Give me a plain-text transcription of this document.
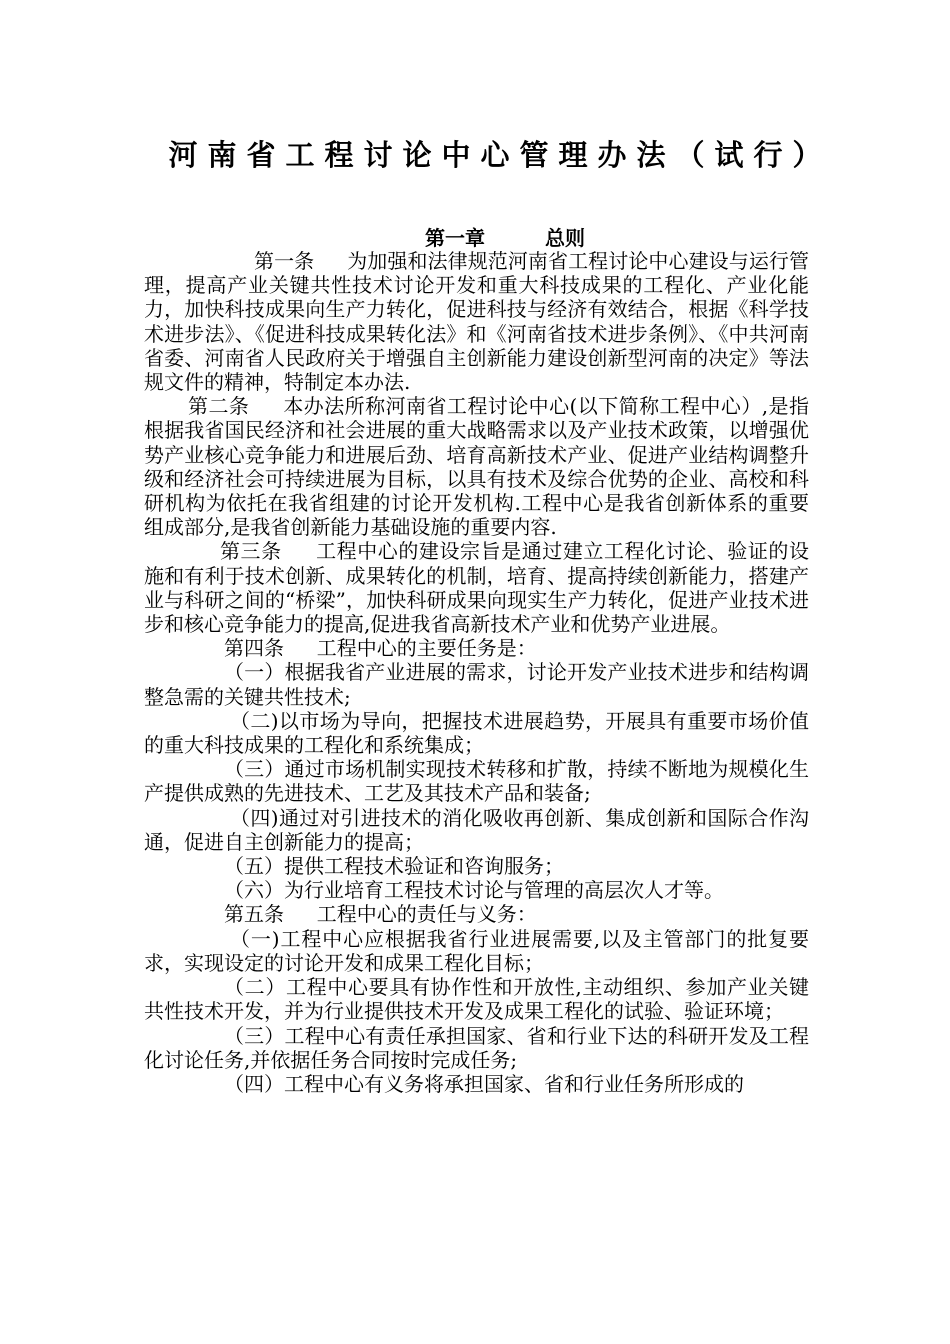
河南省工程讨论中心管理办法（试行）
第一章　　　总则

第一条　  为加强和法律规范河南省工程讨论中心建设与运行管理，提高产业关键共性技术讨论开发和重大科技成果的工程化、产业化能力，加快科技成果向生产力转化，促进科技与经济有效结合，根据《科学技术进步法》、《促进科技成果转化法》和《河南省技术进步条例》、《中共河南省委、河南省人民政府关于增强自主创新能力建设创新型河南的决定》等法规文件的精神，特制定本办法.

第二条　  本办法所称河南省工程讨论中心(以下简称工程中心）,是指根据我省国民经济和社会进展的重大战略需求以及产业技术政策，以增强优势产业核心竞争能力和进展后劲、培育高新技术产业、促进产业结构调整升级和经济社会可持续进展为目标，以具有技术及综合优势的企业、高校和科研机构为依托在我省组建的讨论开发机构.工程中心是我省创新体系的重要组成部分,是我省创新能力基础设施的重要内容.

第三条　  工程中心的建设宗旨是通过建立工程化讨论、验证的设施和有利于技术创新、成果转化的机制，培育、提高持续创新能力，搭建产业与科研之间的“桥梁”，加快科研成果向现实生产力转化，促进产业技术进步和核心竞争能力的提高,促进我省高新技术产业和优势产业进展。

第四条　  工程中心的主要任务是：

（一）根据我省产业进展的需求，讨论开发产业技术进步和结构调整急需的关键共性技术;

（二)以市场为导向，把握技术进展趋势，开展具有重要市场价值的重大科技成果的工程化和系统集成；

（三）通过市场机制实现技术转移和扩散，持续不断地为规模化生产提供成熟的先进技术、工艺及其技术产品和装备;

（四)通过对引进技术的消化吸收再创新、集成创新和国际合作沟通，促进自主创新能力的提高；

（五）提供工程技术验证和咨询服务；

（六）为行业培育工程技术讨论与管理的高层次人才等。

第五条　  工程中心的责任与义务：

（一)工程中心应根据我省行业进展需要,以及主管部门的批复要求，实现设定的讨论开发和成果工程化目标；

（二）工程中心要具有协作性和开放性,主动组织、参加产业关键共性技术开发，并为行业提供技术开发及成果工程化的试验、验证环境；

（三）工程中心有责任承担国家、省和行业下达的科研开发及工程化讨论任务,并依据任务合同按时完成任务;

（四）工程中心有义务将承担国家、省和行业任务所形成的
